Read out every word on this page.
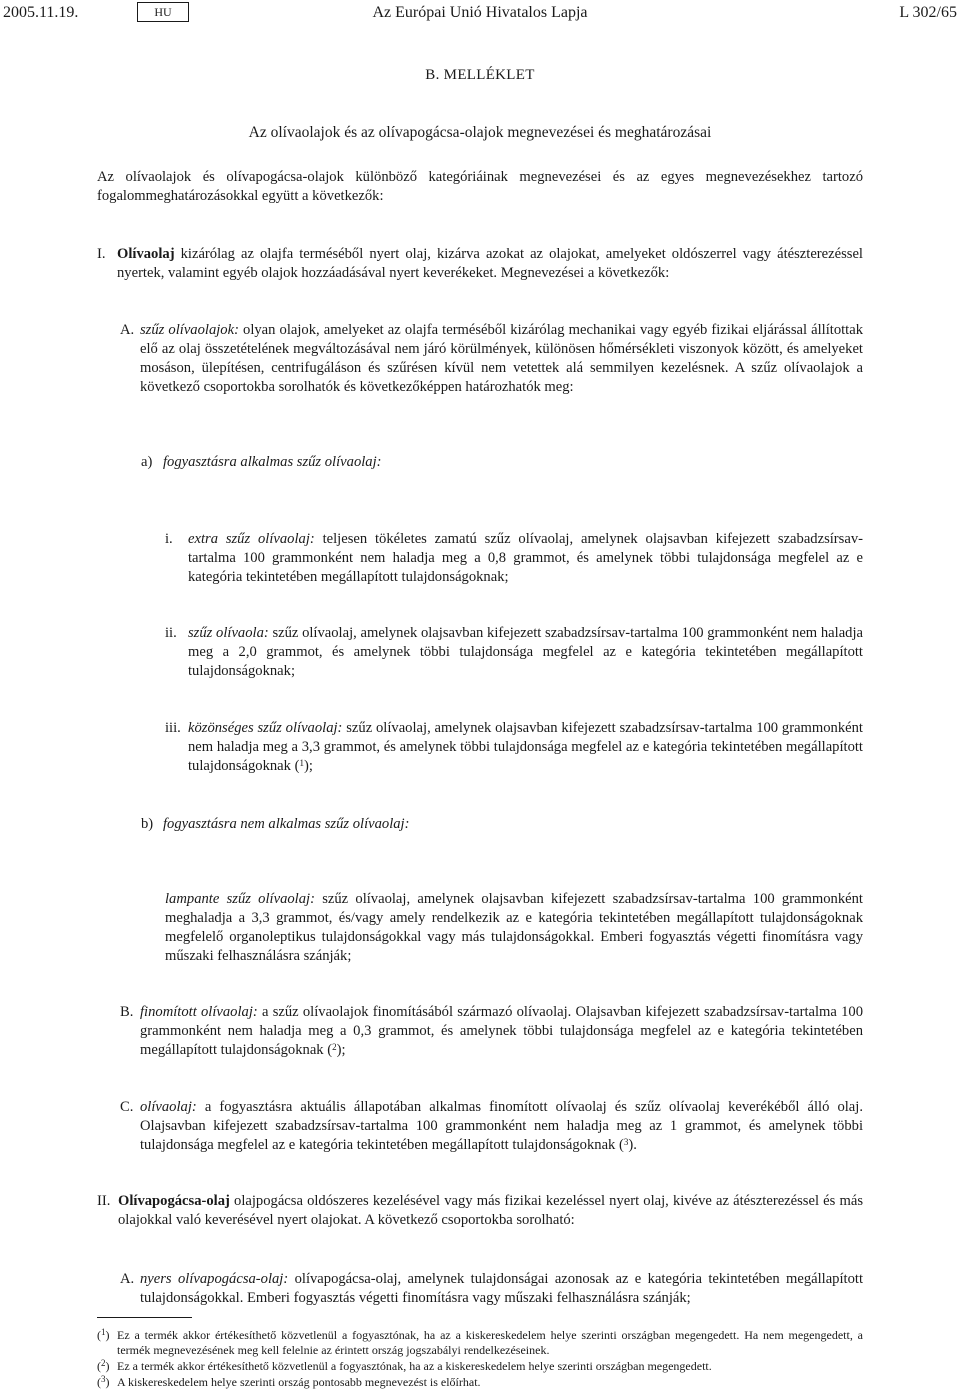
2005.11.19.	HU	Az Európai Unió Hivatalos Lapja	L 302/65
B. MELLÉKLET
Az olívaolajok és az olívapogácsa-olajok megnevezései és meghatározásai

Az olívaolajok és olívapogácsa-olajok különböző kategóriáinak megnevezései és az egyes megnevezésekhez tartozó fogalommeghatározásokkal együtt a következők:

I. Olívaolaj kizárólag az olajfa terméséből nyert olaj, kizárva azokat az olajokat, amelyeket oldószerrel vagy átészterezéssel nyertek, valamint egyéb olajok hozzáadásával nyert keverékeket. Megnevezései a következők:

A. szűz olívaolajok: olyan olajok, amelyeket az olajfa terméséből kizárólag mechanikai vagy egyéb fizikai eljárással állítottak elő az olaj összetételének megváltozásával nem járó körülmények, különösen hőmérsékleti viszonyok között, és amelyeket mosáson, ülepítésen, centrifugáláson és szűrésen kívül nem vetettek alá semmilyen kezelésnek. A szűz olívaolajok a következő csoportokba sorolhatók és következőképpen határozhatók meg:

a) fogyasztásra alkalmas szűz olívaolaj:

i.	extra szűz olívaolaj: teljesen tökéletes zamatú szűz olívaolaj, amelynek olajsavban kifejezett szabadzsírsav-tartalma 100 grammonként nem haladja meg a 0,8 grammot, és amelynek többi tulajdonsága megfelel az e kategória tekintetében megállapított tulajdonságoknak;

ii. szűz olívaola: szűz olívaolaj, amelynek olajsavban kifejezett szabadzsírsav-tartalma 100 grammonként nem haladja meg a 2,0 grammot, és amelynek többi tulajdonsága megfelel az e kategória tekintetében megállapított tulajdonságoknak;

iii. közönséges szűz olívaolaj: szűz olívaolaj, amelynek olajsavban kifejezett szabadzsírsav-tartalma 100 grammonként nem haladja meg a 3,3 grammot, és amelynek többi tulajdonsága megfelel az e kategória tekintetében megállapított tulajdonságoknak ($^1$);

b) fogyasztásra nem alkalmas szűz olívaolaj:

lampante szűz olívaolaj: szűz olívaolaj, amelynek olajsavban kifejezett szabadzsírsav-tartalma 100 grammonként meghaladja a 3,3 grammot, és/vagy amely rendelkezik az e kategória tekintetében megállapított tulajdonságoknak megfelelő organoleptikus tulajdonságokkal vagy más tulajdonságokkal. Emberi fogyasztás végetti finomításra vagy műszaki felhasználásra szánják;

B. finomított olívaolaj: a szűz olívaolajok finomításából származó olívaolaj. Olajsavban kifejezett szabadzsírsav-tartalma 100 grammonként nem haladja meg a 0,3 grammot, és amelynek többi tulajdonsága megfelel az e kategória tekintetében megállapított tulajdonságoknak ($^2$);

C. olívaolaj: a fogyasztásra aktuális állapotában alkalmas finomított olívaolaj és szűz olívaolaj keverékéből álló olaj. Olajsavban kifejezett szabadzsírsav-tartalma 100 grammonként nem haladja meg az 1 grammot, és amelynek többi tulajdonsága megfelel az e kategória tekintetében megállapított tulajdonságoknak ($^3$).

II. Olívapogácsa-olaj olajpogácsa oldószeres kezelésével vagy más fizikai kezeléssel nyert olaj, kivéve az átészterezéssel és más olajokkal való keverésével nyert olajokat. A következő csoportokba sorolható:

A. nyers olívapogácsa-olaj: olívapogácsa-olaj, amelynek tulajdonságai azonosak az e kategória tekintetében megállapított tulajdonságokkal. Emberi fogyasztás végetti finomításra vagy műszaki felhasználásra szánják;

($^1$) Ez a termék akkor értékesíthető közvetlenül a fogyasztónak, ha az a kiskereskedelem helye szerinti országban megengedett. Ha nem megengedett, a termék megnevezésének meg kell felelnie az érintett ország jogszabályi rendelkezéseinek.

($^2$) Ez a termék akkor értékesíthető közvetlenül a fogyasztónak, ha az a kiskereskedelem helye szerinti országban megengedett.

($^3$) A kiskereskedelem helye szerinti ország pontosabb megnevezést is előírhat.
